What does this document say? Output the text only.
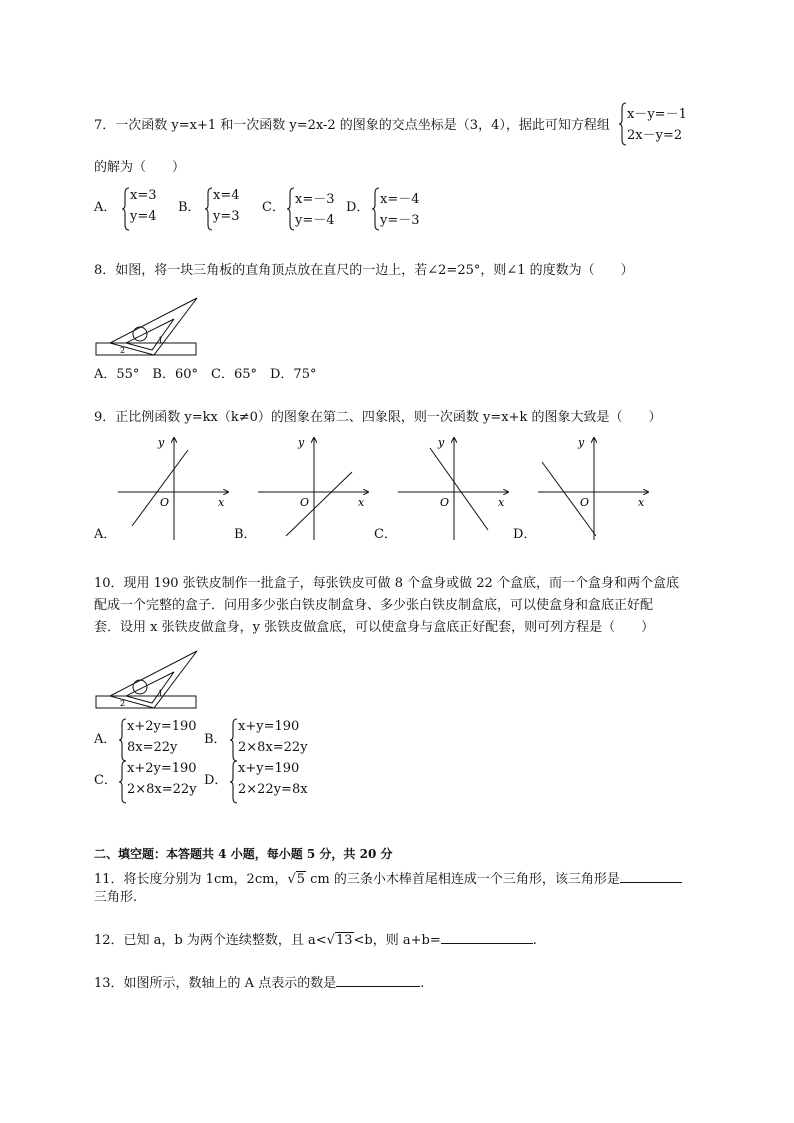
7．一次函数 y=x+1 和一次函数 y=2x-2 的图象的交点坐标是（3，4），据此可知方程组
x－y=－1
2x－y=2
的解为（　　）
A．
x=3
y=4
B．
x=4
y=3
C．
x=－3
y=－4
D．
x=－4
y=－3
8．如图，将一块三角板的直角顶点放在直尺的一边上，若∠2=25°，则∠1 的度数为（　　）
1
2
A．55°　B．60°　C．65°　D．75°
9．正比例函数 y=kx（k≠0）的图象在第二、四象限，则一次函数 y=x+k 的图象大致是（　　）
x
y
O	x
y
O	x
y
O	x
y
O
A．	B．	C．	D．
10．现用 190 张铁皮制作一批盒子，每张铁皮可做 8 个盒身或做 22 个盒底，而一个盒身和两个盒底
配成一个完整的盒子．问用多少张白铁皮制盒身、多少张白铁皮制盒底，可以使盒身和盒底正好配
套．设用 x 张铁皮做盒身，y 张铁皮做盒底，可以使盒身与盒底正好配套，则可列方程是（　　）
1
2
A．
x+2y=190
8x=22y
B．
x+y=190
2×8x=22y
C．
x+2y=190
2×8x=22y
D．
x+y=190
2×22y=8x
二、填空题：本答题共 4 小题，每小题 5 分，共 20 分
11．将长度分别为 1cm，2cm，√5 cm 的三条小木棒首尾相连成一个三角形，该三角形是
三角形.
12．已知 a，b 为两个连续整数，且 a<√13<b，则 a+b=	.
13．如图所示，数轴上的 A 点表示的数是	.
